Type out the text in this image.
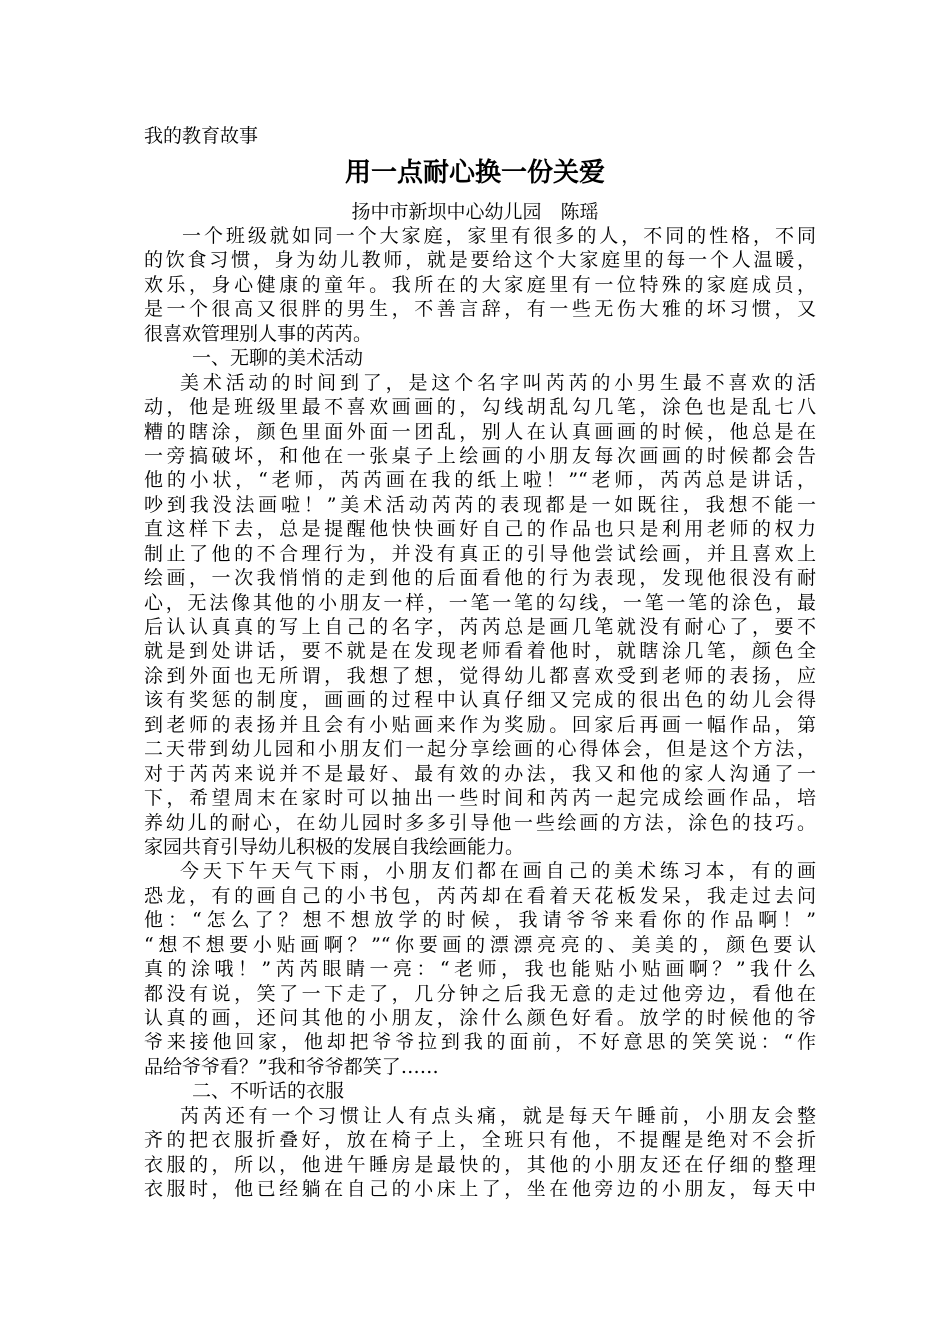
我的教育故事
用一点耐心换一份关爱
扬中市新坝中心幼儿园　陈瑶
一个班级就如同一个大家庭，家里有很多的人，不同的性格，不同
的饮食习惯，身为幼儿教师，就是要给这个大家庭里的每一个人温暖，
欢乐，身心健康的童年。我所在的大家庭里有一位特殊的家庭成员，
是一个很高又很胖的男生，不善言辞，有一些无伤大雅的坏习惯，又
很喜欢管理别人事的芮芮。
一、无聊的美术活动
美术活动的时间到了，是这个名字叫芮芮的小男生最不喜欢的活
动，他是班级里最不喜欢画画的，勾线胡乱勾几笔，涂色也是乱七八
糟的瞎涂，颜色里面外面一团乱，别人在认真画画的时候，他总是在
一旁搞破坏，和他在一张桌子上绘画的小朋友每次画画的时候都会告
他的小状，“老师，芮芮画在我的纸上啦！”“老师，芮芮总是讲话，
吵到我没法画啦！”美术活动芮芮的表现都是一如既往，我想不能一
直这样下去，总是提醒他快快画好自己的作品也只是利用老师的权力
制止了他的不合理行为，并没有真正的引导他尝试绘画，并且喜欢上
绘画，一次我悄悄的走到他的后面看他的行为表现，发现他很没有耐
心，无法像其他的小朋友一样，一笔一笔的勾线，一笔一笔的涂色，最
后认认真真的写上自己的名字，芮芮总是画几笔就没有耐心了，要不
就是到处讲话，要不就是在发现老师看着他时，就瞎涂几笔，颜色全
涂到外面也无所谓，我想了想，觉得幼儿都喜欢受到老师的表扬，应
该有奖惩的制度，画画的过程中认真仔细又完成的很出色的幼儿会得
到老师的表扬并且会有小贴画来作为奖励。回家后再画一幅作品，第
二天带到幼儿园和小朋友们一起分享绘画的心得体会，但是这个方法，
对于芮芮来说并不是最好、最有效的办法，我又和他的家人沟通了一
下，希望周末在家时可以抽出一些时间和芮芮一起完成绘画作品，培
养幼儿的耐心，在幼儿园时多多引导他一些绘画的方法，涂色的技巧。
家园共育引导幼儿积极的发展自我绘画能力。
今天下午天气下雨，小朋友们都在画自己的美术练习本，有的画
恐龙，有的画自己的小书包，芮芮却在看着天花板发呆，我走过去问
他：“怎么了？想不想放学的时候，我请爷爷来看你的作品啊！”
“想不想要小贴画啊？”“你要画的漂漂亮亮的、美美的，颜色要认
真的涂哦！”芮芮眼睛一亮：“老师，我也能贴小贴画啊？”我什么
都没有说，笑了一下走了，几分钟之后我无意的走过他旁边，看他在
认真的画，还问其他的小朋友，涂什么颜色好看。放学的时候他的爷
爷来接他回家，他却把爷爷拉到我的面前，不好意思的笑笑说：“作
品给爷爷看？”我和爷爷都笑了……
二、不听话的衣服
芮芮还有一个习惯让人有点头痛，就是每天午睡前，小朋友会整
齐的把衣服折叠好，放在椅子上，全班只有他，不提醒是绝对不会折
衣服的，所以，他进午睡房是最快的，其他的小朋友还在仔细的整理
衣服时，他已经躺在自己的小床上了，坐在他旁边的小朋友，每天中
